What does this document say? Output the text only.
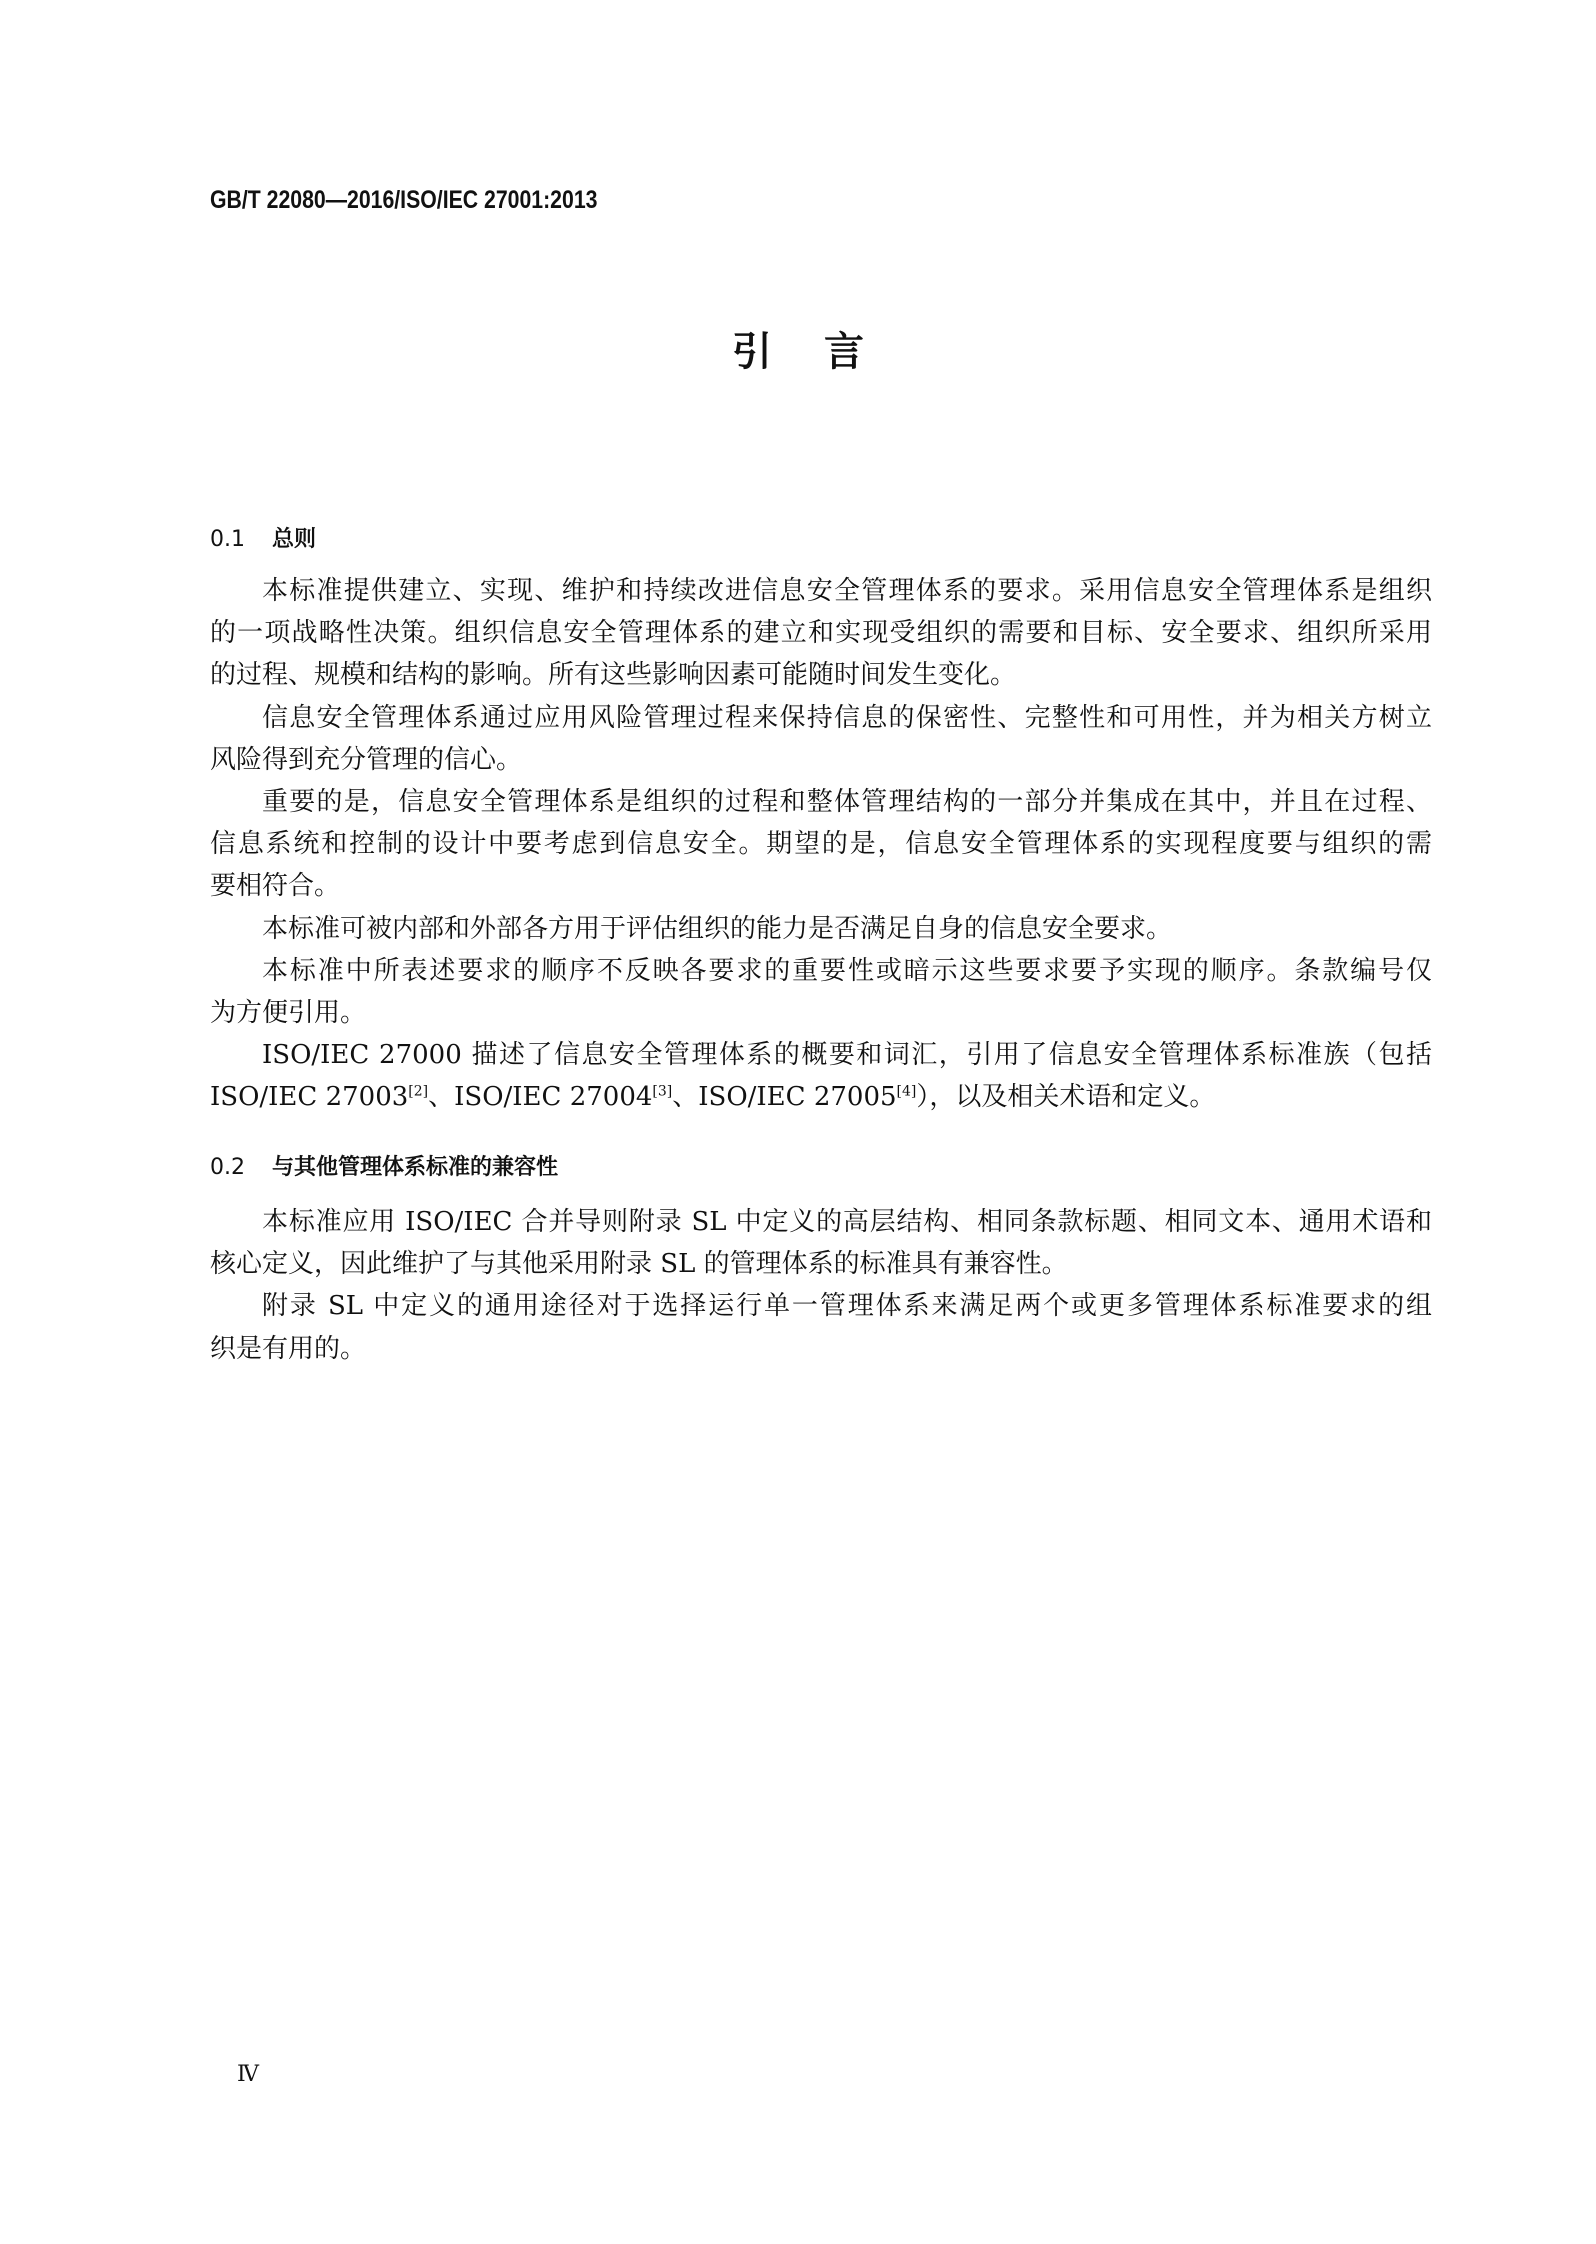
GB/T 22080—2016/ISO/IEC 27001:2013
引言
0.1 总则
本标准提供建立、实现、维护和持续改进信息安全管理体系的要求。采用信息安全管理体系是组织
的一项战略性决策。组织信息安全管理体系的建立和实现受组织的需要和目标、安全要求、组织所采用
的过程、规模和结构的影响。所有这些影响因素可能随时间发生变化。
信息安全管理体系通过应用风险管理过程来保持信息的保密性、完整性和可用性，并为相关方树立
风险得到充分管理的信心。
重要的是，信息安全管理体系是组织的过程和整体管理结构的一部分并集成在其中，并且在过程、
信息系统和控制的设计中要考虑到信息安全。期望的是，信息安全管理体系的实现程度要与组织的需
要相符合。
本标准可被内部和外部各方用于评估组织的能力是否满足自身的信息安全要求。
本标准中所表述要求的顺序不反映各要求的重要性或暗示这些要求要予实现的顺序。条款编号仅
为方便引用。
ISO/IEC 27000 描述了信息安全管理体系的概要和词汇，引用了信息安全管理体系标准族（包括
ISO/IEC 27003[2]、ISO/IEC 27004[3]、ISO/IEC 27005[4]），以及相关术语和定义。
0.2 与其他管理体系标准的兼容性
本标准应用 ISO/IEC 合并导则附录 SL 中定义的高层结构、相同条款标题、相同文本、通用术语和
核心定义，因此维护了与其他采用附录 SL 的管理体系的标准具有兼容性。
附录 SL 中定义的通用途径对于选择运行单一管理体系来满足两个或更多管理体系标准要求的组
织是有用的。
Ⅳ
